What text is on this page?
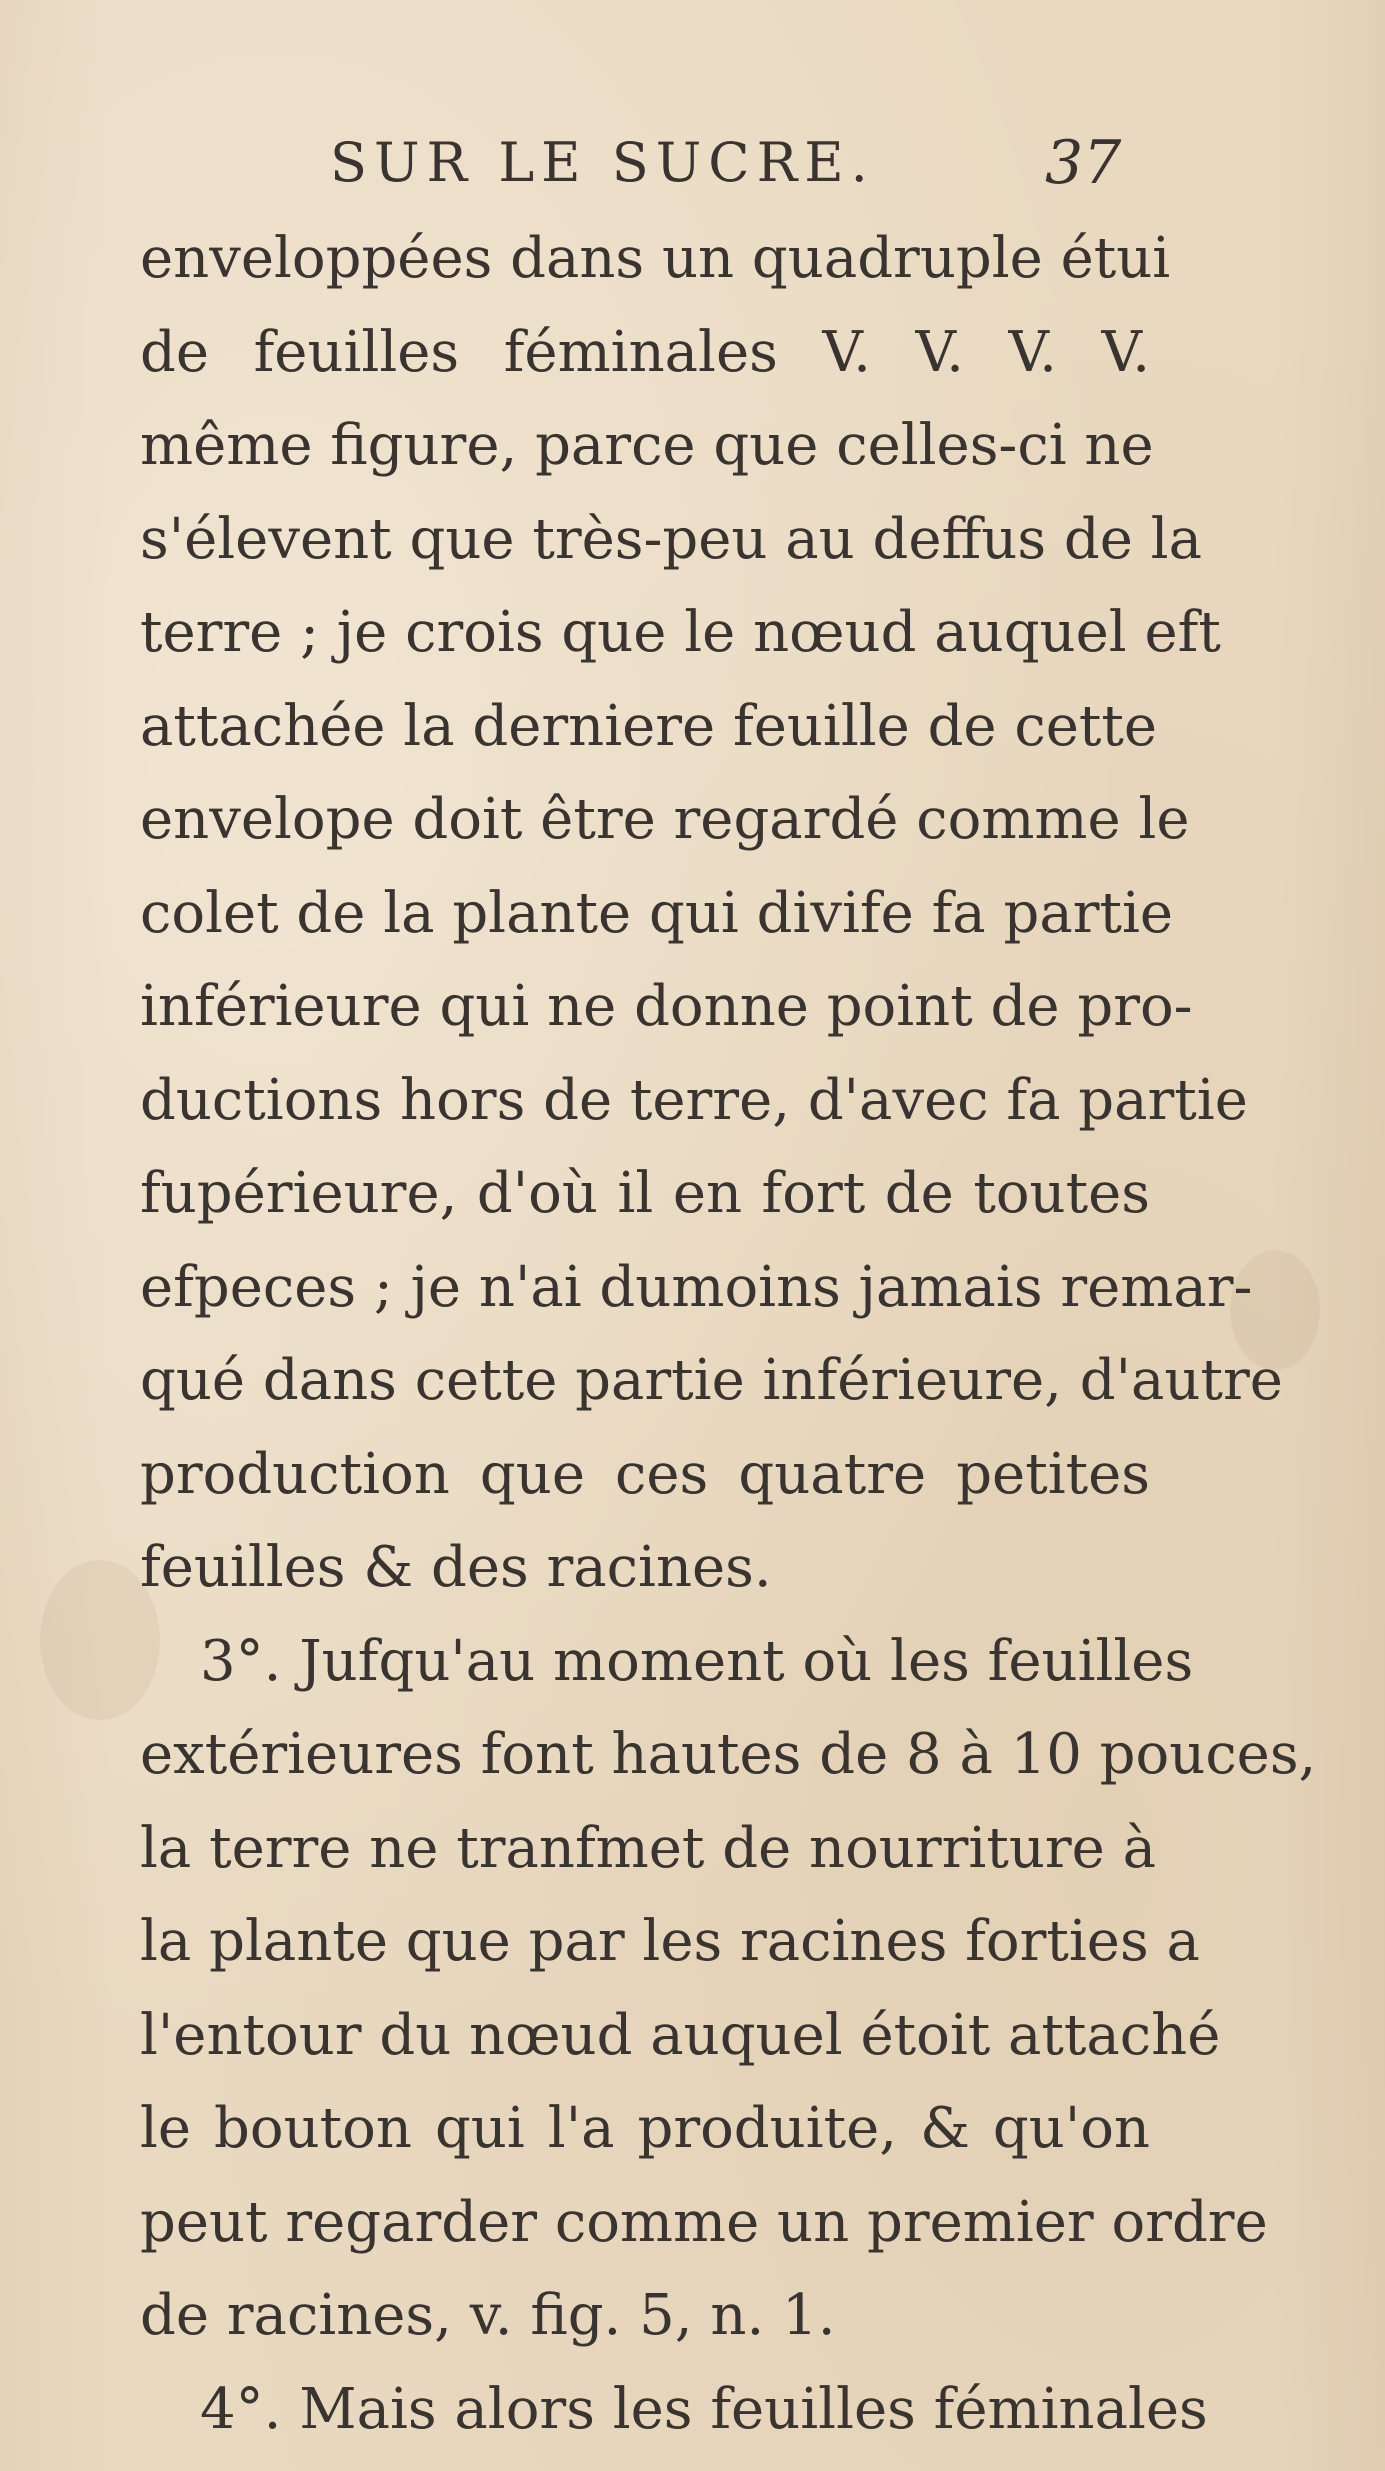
SUR LE SUCRE.	37
enveloppées dans un quadruple étui
de feuilles féminales V. V. V. V.
même figure, parce que celles-ci ne
s'élevent que très-peu au deffus de la
terre ; je crois que le nœud auquel eft
attachée la derniere feuille de cette
envelope doit être regardé comme le
colet de la plante qui divife fa partie
inférieure qui ne donne point de pro-
ductions hors de terre, d'avec fa partie
fupérieure, d'où il en fort de toutes
efpeces ; je n'ai dumoins jamais remar-
qué dans cette partie inférieure, d'autre
production que ces quatre petites
feuilles & des racines.
3°. Jufqu'au moment où les feuilles
extérieures font hautes de 8 à 10 pouces,
la terre ne tranfmet de nourriture à
la plante que par les racines forties a
l'entour du nœud auquel étoit attaché
le bouton qui l'a produite, & qu'on
peut regarder comme un premier ordre
de racines, v. fig. 5, n. 1.
4°. Mais alors les feuilles féminales
